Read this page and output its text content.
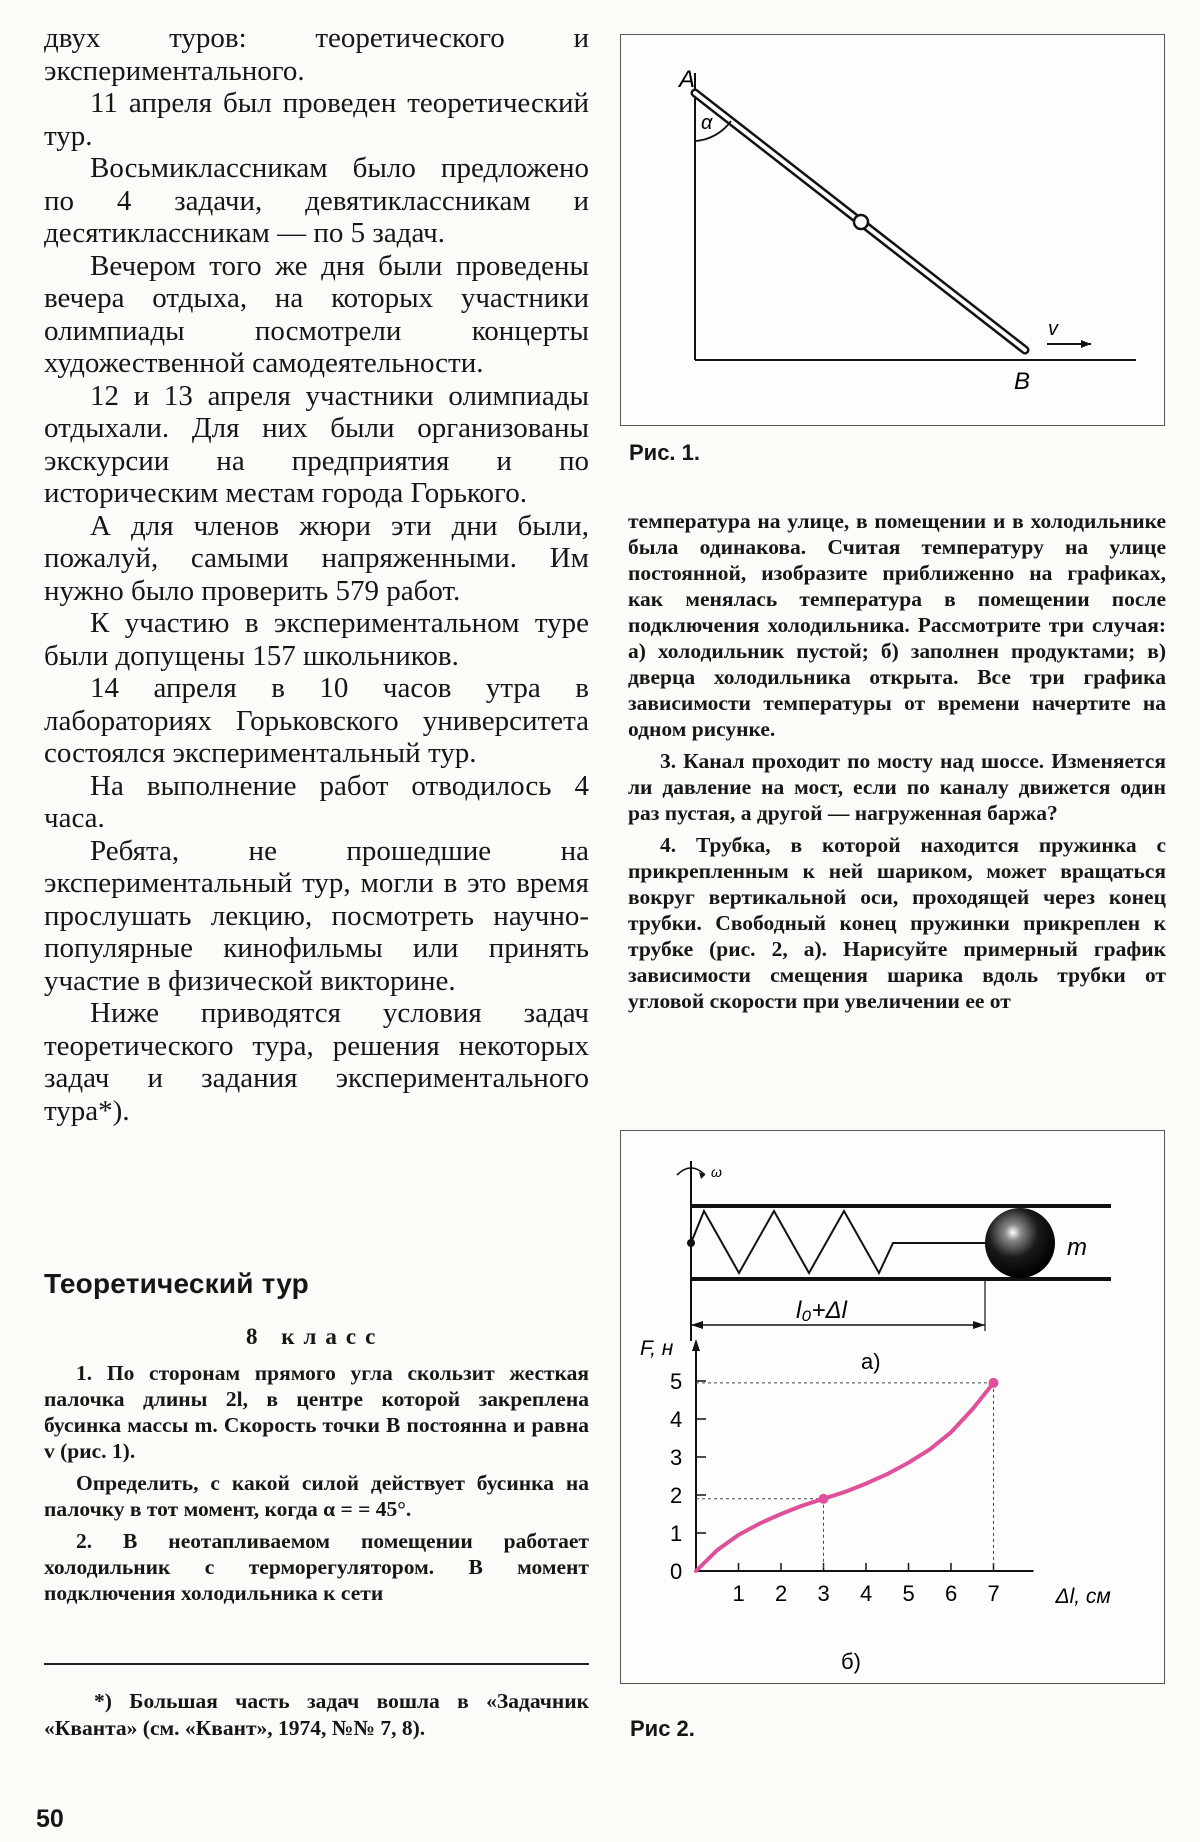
двух туров: теоретического и экспериментального.

11 апреля был проведен теоретический тур.

Восьмиклассникам было предложено по 4 задачи, девятиклассникам и десятиклассникам — по 5 задач.

Вечером того же дня были проведены вечера отдыха, на которых участники олимпиады посмотрели концерты художественной самодеятельности.

12 и 13 апреля участники олимпиады отдыхали. Для них были организованы экскурсии на предприятия и по историческим местам города Горького.

А для членов жюри эти дни были, пожалуй, самыми напряженными. Им нужно было проверить 579 работ.

К участию в экспериментальном туре были допущены 157 школьников.

14 апреля в 10 часов утра в лабораториях Горьковского университета состоялся экспериментальный тур.

На выполнение работ отводилось 4 часа.

Ребята, не прошедшие на экспериментальный тур, могли в это время прослушать лекцию, посмотреть научно-популярные кинофильмы или принять участие в физической викторине.

Ниже приводятся условия задач теоретического тура, решения некоторых задач и задания экспериментального тура*).

Теоретический тур
8 класс

1. По сторонам прямого угла скользит жесткая палочка длины 2l, в центре которой закреплена бусинка массы m. Скорость точки B постоянна и равна v (рис. 1).

Определить, с какой силой действует бусинка на палочку в тот момент, когда α = = 45°.

2. В неотапливаемом помещении работает холодильник с терморегулятором. В момент подключения холодильника к сети

*) Большая часть задач вошла в «Задачник «Кванта» (см. «Квант», 1974, №№ 7, 8).
50
A
α
B
v
Рис. 1.

температура на улице, в помещении и в холодильнике была одинакова. Считая температуру на улице постоянной, изобразите приближенно на графиках, как менялась температура в помещении после подключения холодильника. Рассмотрите три случая: а) холодильник пустой; б) заполнен продуктами; в) дверца холодильника открыта. Все три графика зависимости температуры от времени начертите на одном рисунке.

3. Канал проходит по мосту над шоссе. Изменяется ли давление на мост, если по каналу движется один раз пустая, а другой — нагруженная баржа?

4. Трубка, в которой находится пружинка с прикрепленным к ней шариком, может вращаться вокруг вертикальной оси, проходящей через конец трубки. Свободный конец пружинки прикреплен к трубке (рис. 2, а). Нарисуйте примерный график зависимости смещения шарика вдоль трубки от угловой скорости при увеличении ее от

ω
m
l₀+Δl
а)
0
1
2
3
4
5
1 2 3 4 5 6 7
F, н
Δl, см
б)
Рис 2.
